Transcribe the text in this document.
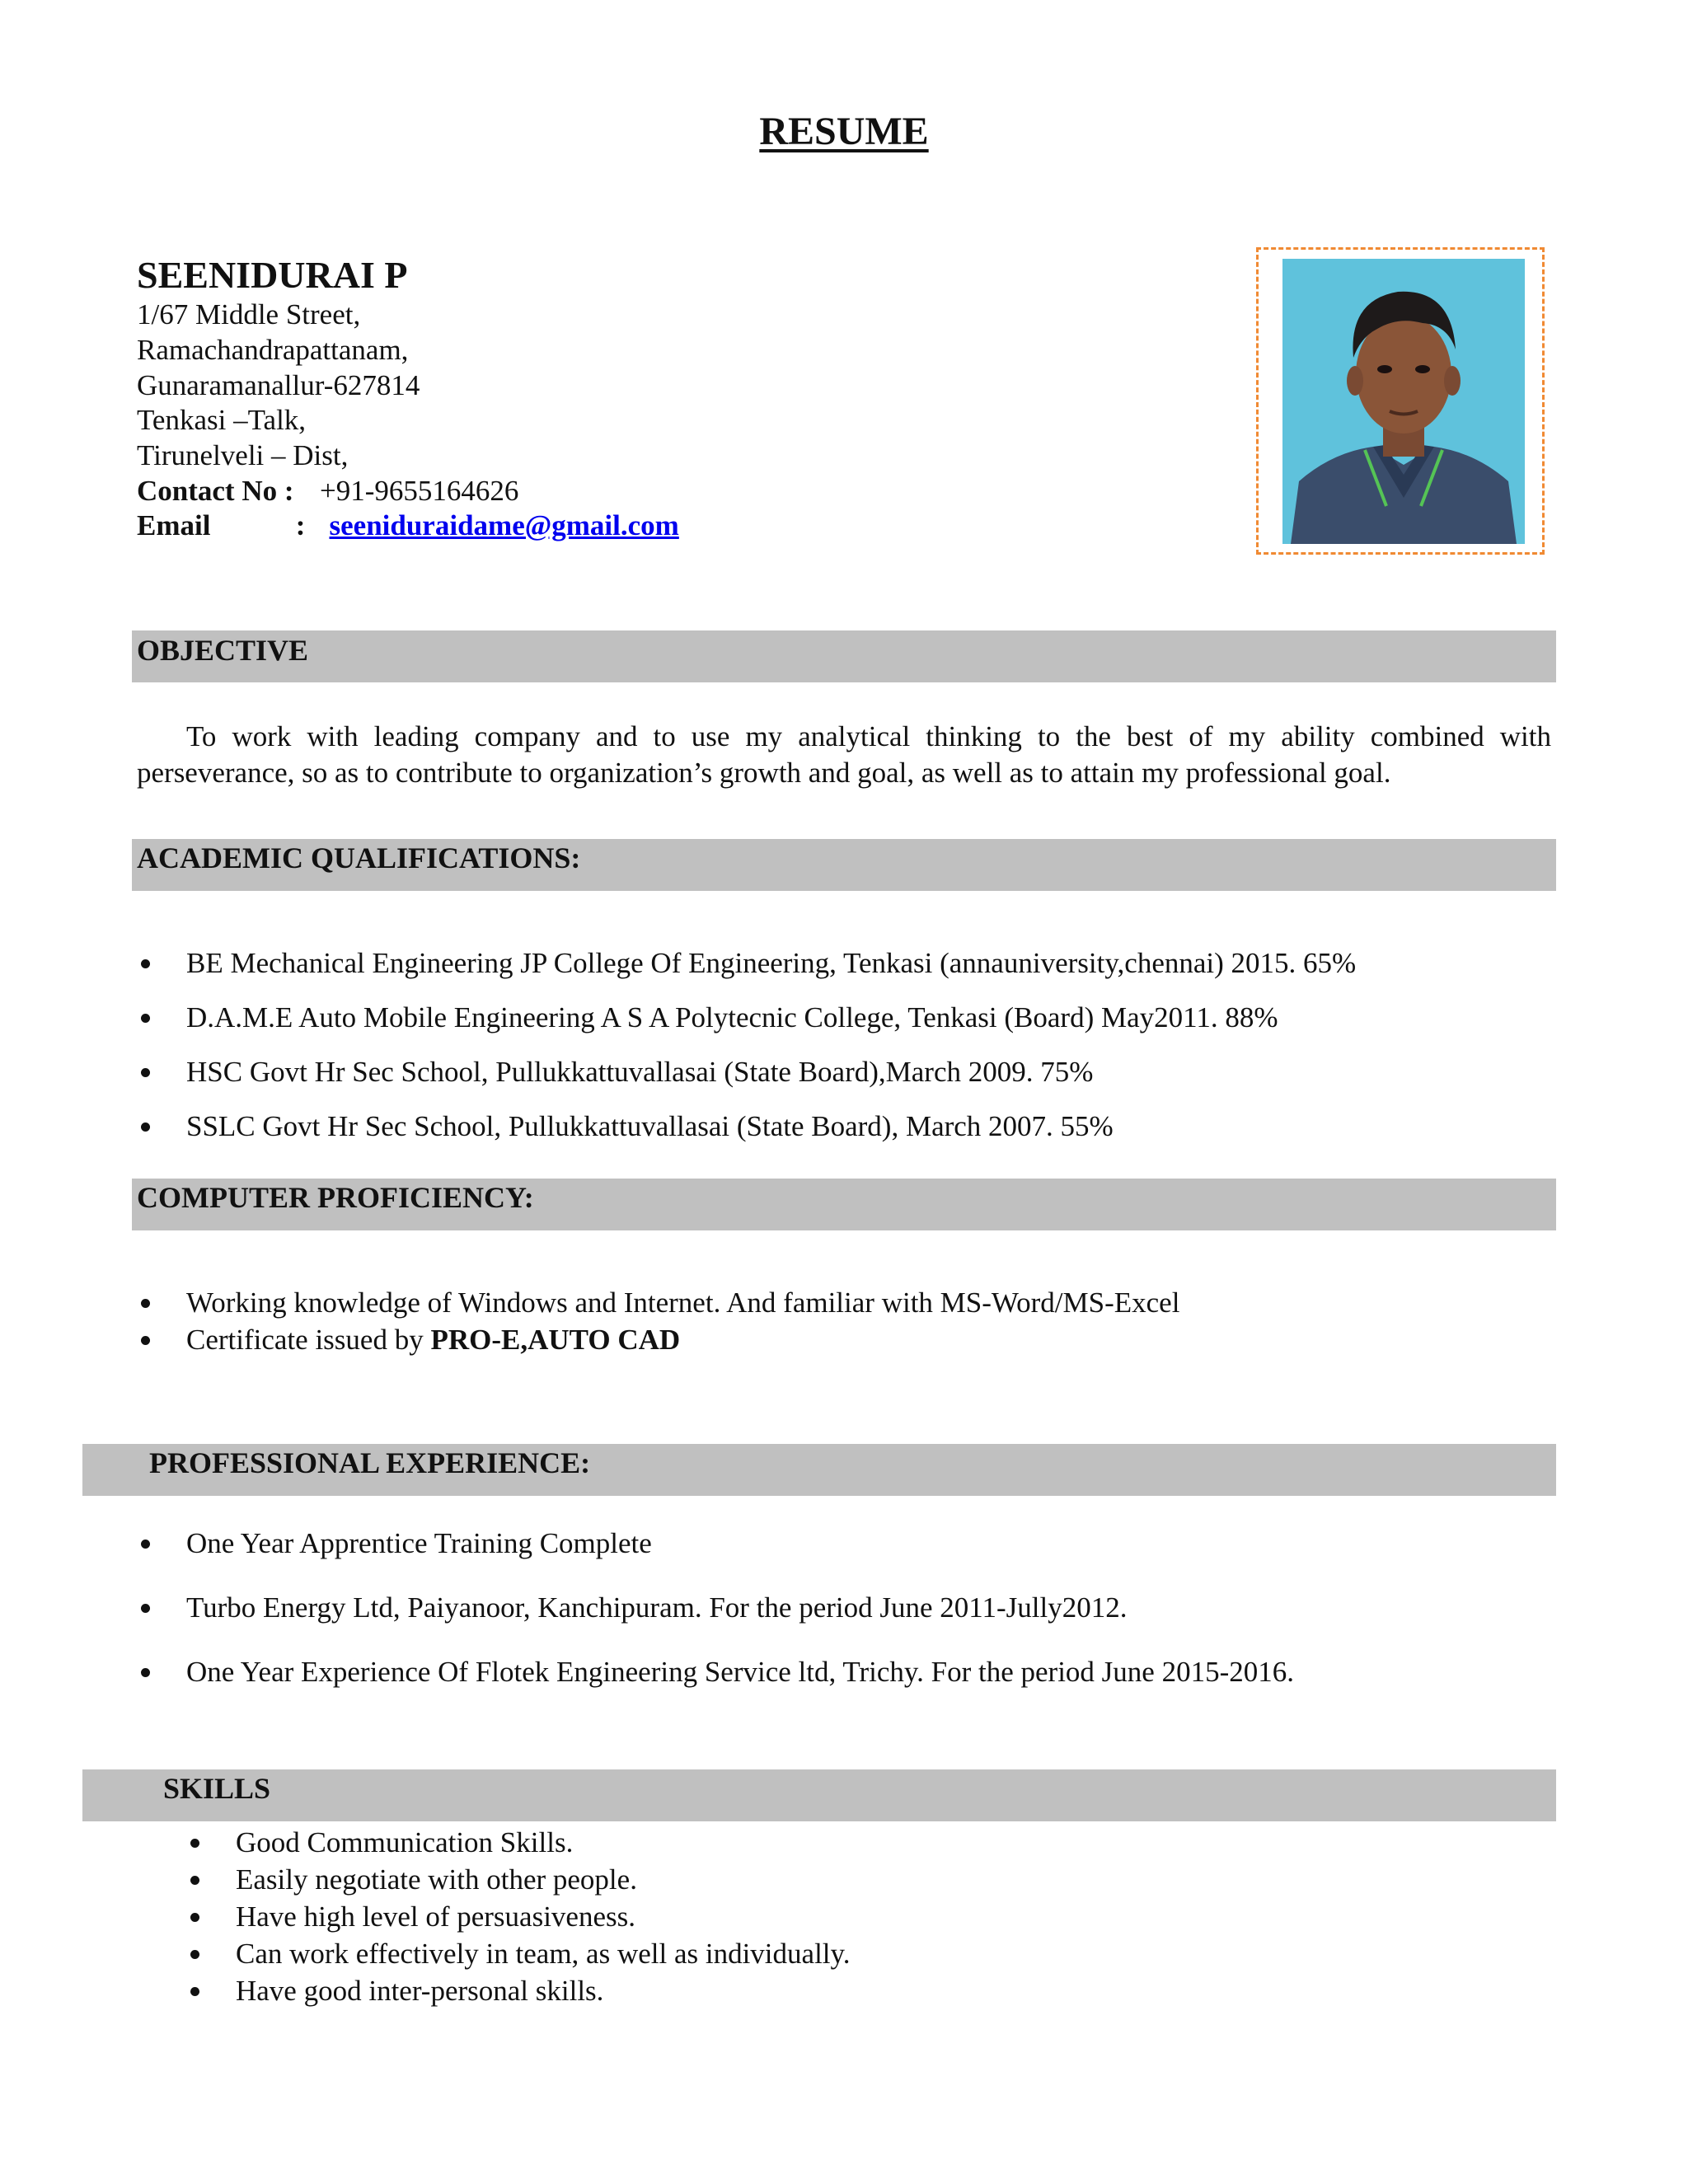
RESUME
SEENIDURAI P
1/67 Middle Street,
Ramachandrapattanam,
Gunaramanallur-627814
Tenkasi –Talk,
Tirunelveli – Dist,
Contact No : +91-9655164626
Email	: seeniduraidame@gmail.com
OBJECTIVE
To work with leading company and to use my analytical thinking to the best of my ability combined with perseverance, so as to contribute to organization’s growth and goal, as well as to attain my professional goal.
ACADEMIC QUALIFICATIONS:
BE Mechanical Engineering JP College Of Engineering, Tenkasi (annauniversity,chennai) 2015. 65%
D.A.M.E Auto Mobile Engineering A S A Polytecnic College, Tenkasi (Board) May2011. 88%
HSC Govt Hr Sec School, Pullukkattuvallasai (State Board),March 2009. 75%
SSLC Govt Hr Sec School, Pullukkattuvallasai (State Board), March 2007. 55%
COMPUTER PROFICIENCY:
Working knowledge of Windows and Internet. And familiar with MS-Word/MS-Excel
Certificate issued by PRO-E,AUTO CAD
PROFESSIONAL EXPERIENCE:
One Year Apprentice Training Complete
Turbo Energy Ltd, Paiyanoor, Kanchipuram. For the period June 2011-Jully2012.
One Year Experience Of Flotek Engineering Service ltd, Trichy. For the period June 2015-2016.
SKILLS
Good Communication Skills.
Easily negotiate with other people.
Have high level of persuasiveness.
Can work effectively in team, as well as individually.
Have good inter-personal skills.
